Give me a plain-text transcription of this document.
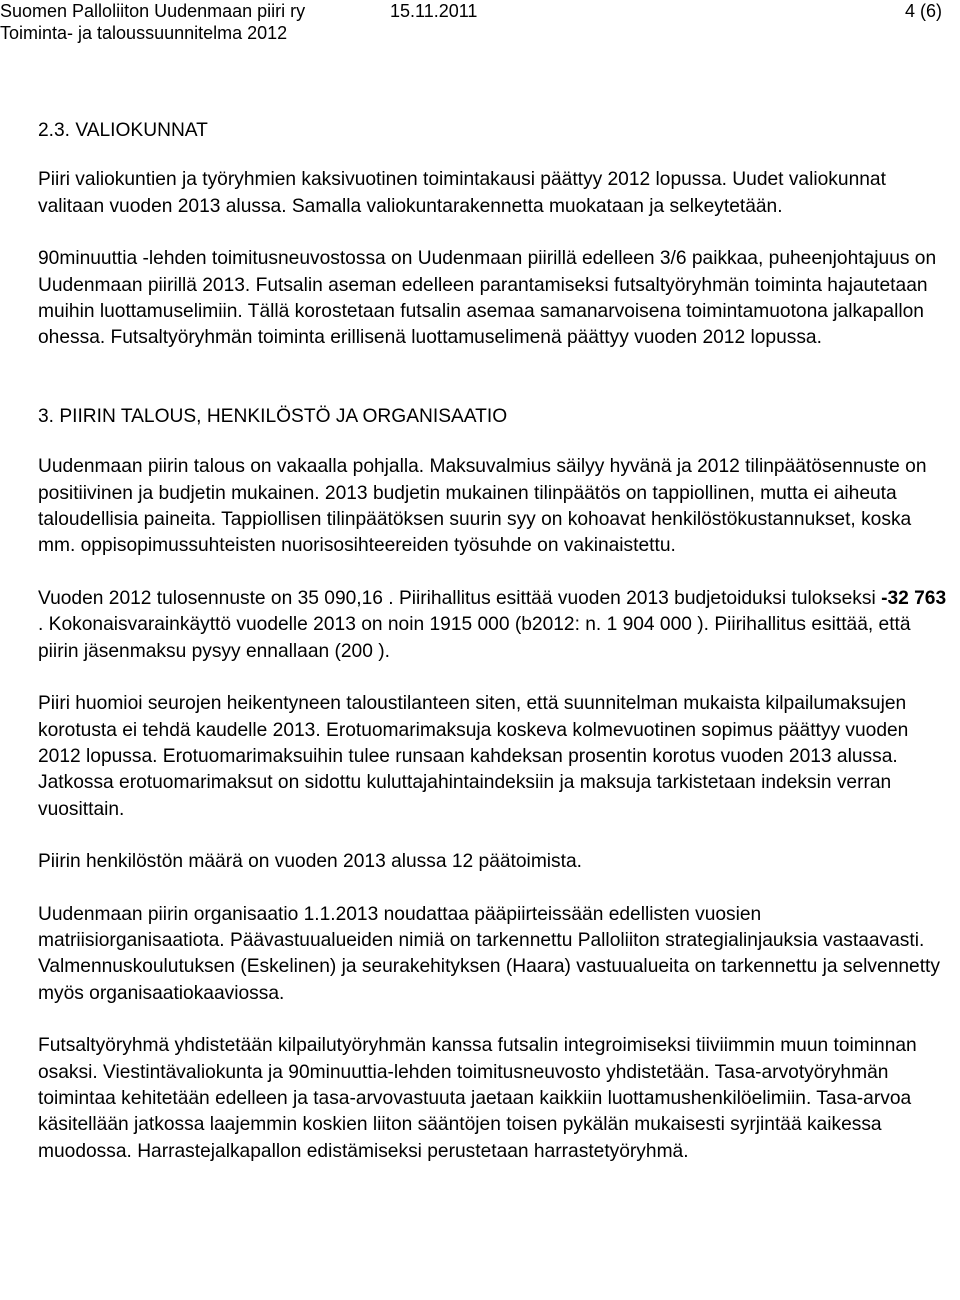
Suomen Palloliiton Uudenmaan piiri ry
Toiminta- ja taloussuunnitelma 2012
15.11.2011	4 (6)
2.3. VALIOKUNNAT

Piiri valiokuntien ja työryhmien kaksivuotinen toimintakausi päättyy 2012 lopussa. Uudet valiokunnat valitaan vuoden 2013 alussa. Samalla valiokuntarakennetta muokataan ja selkeytetään.

90minuuttia -lehden toimitusneuvostossa on Uudenmaan piirillä edelleen 3/6 paikkaa, puheenjohtajuus on Uudenmaan piirillä 2013. Futsalin aseman edelleen parantamiseksi futsaltyöryhmän toiminta hajautetaan muihin luottamuselimiin. Tällä korostetaan futsalin asemaa samanarvoisena toimintamuotona jalkapallon ohessa. Futsaltyöryhmän toiminta erillisenä luottamuselimenä päättyy vuoden 2012 lopussa.

3. PIIRIN TALOUS, HENKILÖSTÖ JA ORGANISAATIO

Uudenmaan piirin talous on vakaalla pohjalla. Maksuvalmius säilyy hyvänä ja 2012 tilinpäätösennuste on positiivinen ja budjetin mukainen. 2013 budjetin mukainen tilinpäätös on tappiollinen, mutta ei aiheuta taloudellisia paineita. Tappiollisen tilinpäätöksen suurin syy on kohoavat henkilöstökustannukset, koska mm. oppisopimussuhteisten nuorisosihteereiden työsuhde on vakinaistettu.

Vuoden 2012 tulosennuste on 35 090,16 . Piirihallitus esittää vuoden 2013 budjetoiduksi tulokseksi -32 763 . Kokonaisvarainkäyttö vuodelle 2013 on noin 1915 000 (b2012: n. 1 904 000 ). Piirihallitus esittää, että piirin jäsenmaksu pysyy ennallaan (200 ).

Piiri huomioi seurojen heikentyneen taloustilanteen siten, että suunnitelman mukaista kilpailumaksujen korotusta ei tehdä kaudelle 2013. Erotuomarimaksuja koskeva kolmevuotinen sopimus päättyy vuoden 2012 lopussa. Erotuomarimaksuihin tulee runsaan kahdeksan prosentin korotus vuoden 2013 alussa. Jatkossa erotuomarimaksut on sidottu kuluttajahintaindeksiin ja maksuja tarkistetaan indeksin verran vuosittain.

Piirin henkilöstön määrä on vuoden 2013 alussa 12 päätoimista.

Uudenmaan piirin organisaatio 1.1.2013 noudattaa pääpiirteissään edellisten vuosien matriisiorganisaatiota. Päävastuualueiden nimiä on tarkennettu Palloliiton strategialinjauksia vastaavasti. Valmennuskoulutuksen (Eskelinen) ja seurakehityksen (Haara) vastuualueita on tarkennettu ja selvennetty myös organisaatiokaaviossa.

Futsaltyöryhmä yhdistetään kilpailutyöryhmän kanssa futsalin integroimiseksi tiiviimmin muun toiminnan osaksi. Viestintävaliokunta ja 90minuuttia-lehden toimitusneuvosto yhdistetään. Tasa-arvotyöryhmän toimintaa kehitetään edelleen ja tasa-arvovastuuta jaetaan kaikkiin luottamushenkilöelimiin. Tasa-arvoa käsitellään jatkossa laajemmin koskien liiton sääntöjen toisen pykälän mukaisesti syrjintää kaikessa muodossa. Harrastejalkapallon edistämiseksi perustetaan harrastetyöryhmä.
